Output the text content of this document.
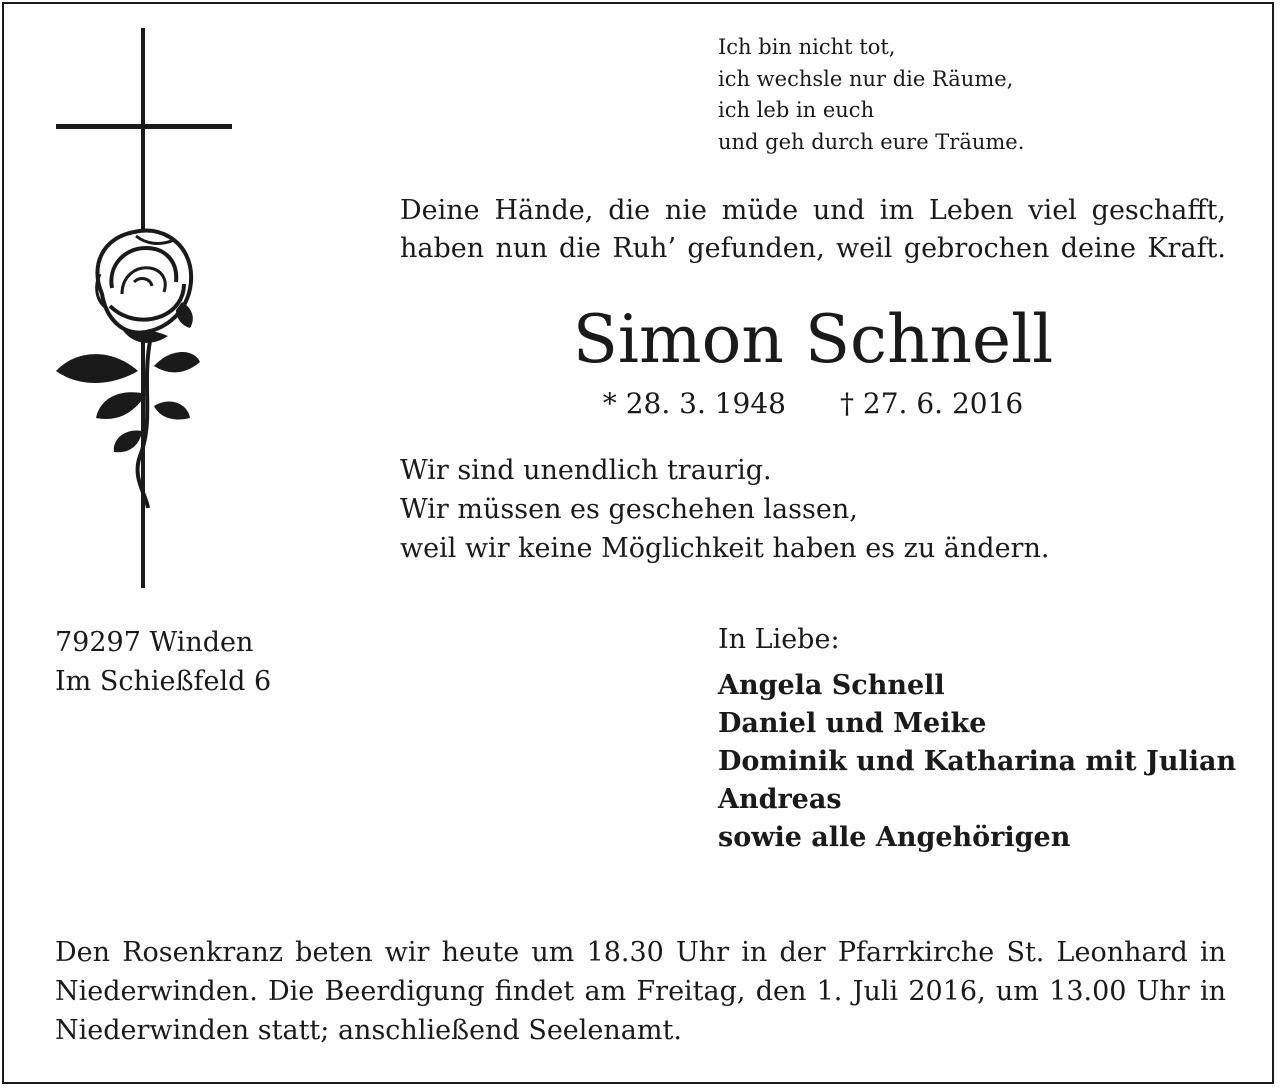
Ich bin nicht tot,
ich wechsle nur die Räume,
ich leb in euch
und geh durch eure Träume.
Deine Hände, die nie müde und im Leben viel geschafft,
haben nun die Ruh’ gefunden, weil gebrochen deine Kraft.
Simon Schnell
* 28. 3. 1948 † 27. 6. 2016
Wir sind unendlich traurig.
Wir müssen es geschehen lassen,
weil wir keine Möglichkeit haben es zu ändern.
79297 Winden
Im Schießfeld 6
In Liebe:
Angela Schnell
Daniel und Meike
Dominik und Katharina mit Julian
Andreas
sowie alle Angehörigen
Den Rosenkranz beten wir heute um 18.30 Uhr in der Pfarrkirche St. Leonhard in
Niederwinden. Die Beerdigung findet am Freitag, den 1. Juli 2016, um 13.00 Uhr in
Niederwinden statt; anschließend Seelenamt.
